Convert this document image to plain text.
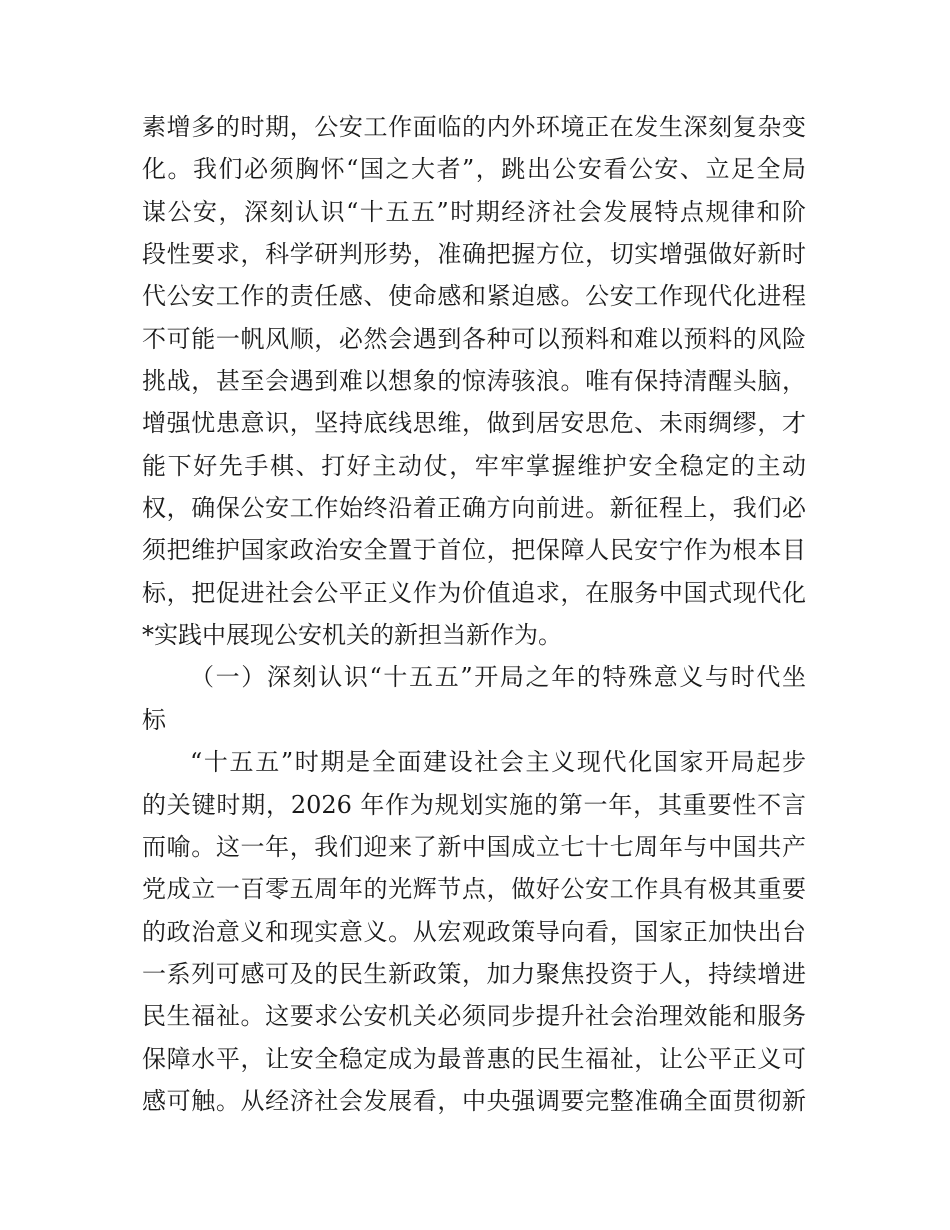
素增多的时期，公安工作面临的内外环境正在发生深刻复杂变
化。我们必须胸怀“国之大者”，跳出公安看公安、立足全局
谋公安，深刻认识“十五五”时期经济社会发展特点规律和阶
段性要求，科学研判形势，准确把握方位，切实增强做好新时
代公安工作的责任感、使命感和紧迫感。公安工作现代化进程
不可能一帆风顺，必然会遇到各种可以预料和难以预料的风险
挑战，甚至会遇到难以想象的惊涛骇浪。唯有保持清醒头脑，
增强忧患意识，坚持底线思维，做到居安思危、未雨绸缪，才
能下好先手棋、打好主动仗，牢牢掌握维护安全稳定的主动
权，确保公安工作始终沿着正确方向前进。新征程上，我们必
须把维护国家政治安全置于首位，把保障人民安宁作为根本目
标，把促进社会公平正义作为价值追求，在服务中国式现代化
*实践中展现公安机关的新担当新作为。
（一）深刻认识“十五五”开局之年的特殊意义与时代坐
标
“十五五”时期是全面建设社会主义现代化国家开局起步
的关键时期，2026 年作为规划实施的第一年，其重要性不言
而喻。这一年，我们迎来了新中国成立七十七周年与中国共产
党成立一百零五周年的光辉节点，做好公安工作具有极其重要
的政治意义和现实意义。从宏观政策导向看，国家正加快出台
一系列可感可及的民生新政策，加力聚焦投资于人，持续增进
民生福祉。这要求公安机关必须同步提升社会治理效能和服务
保障水平，让安全稳定成为最普惠的民生福祉，让公平正义可
感可触。从经济社会发展看，中央强调要完整准确全面贯彻新
